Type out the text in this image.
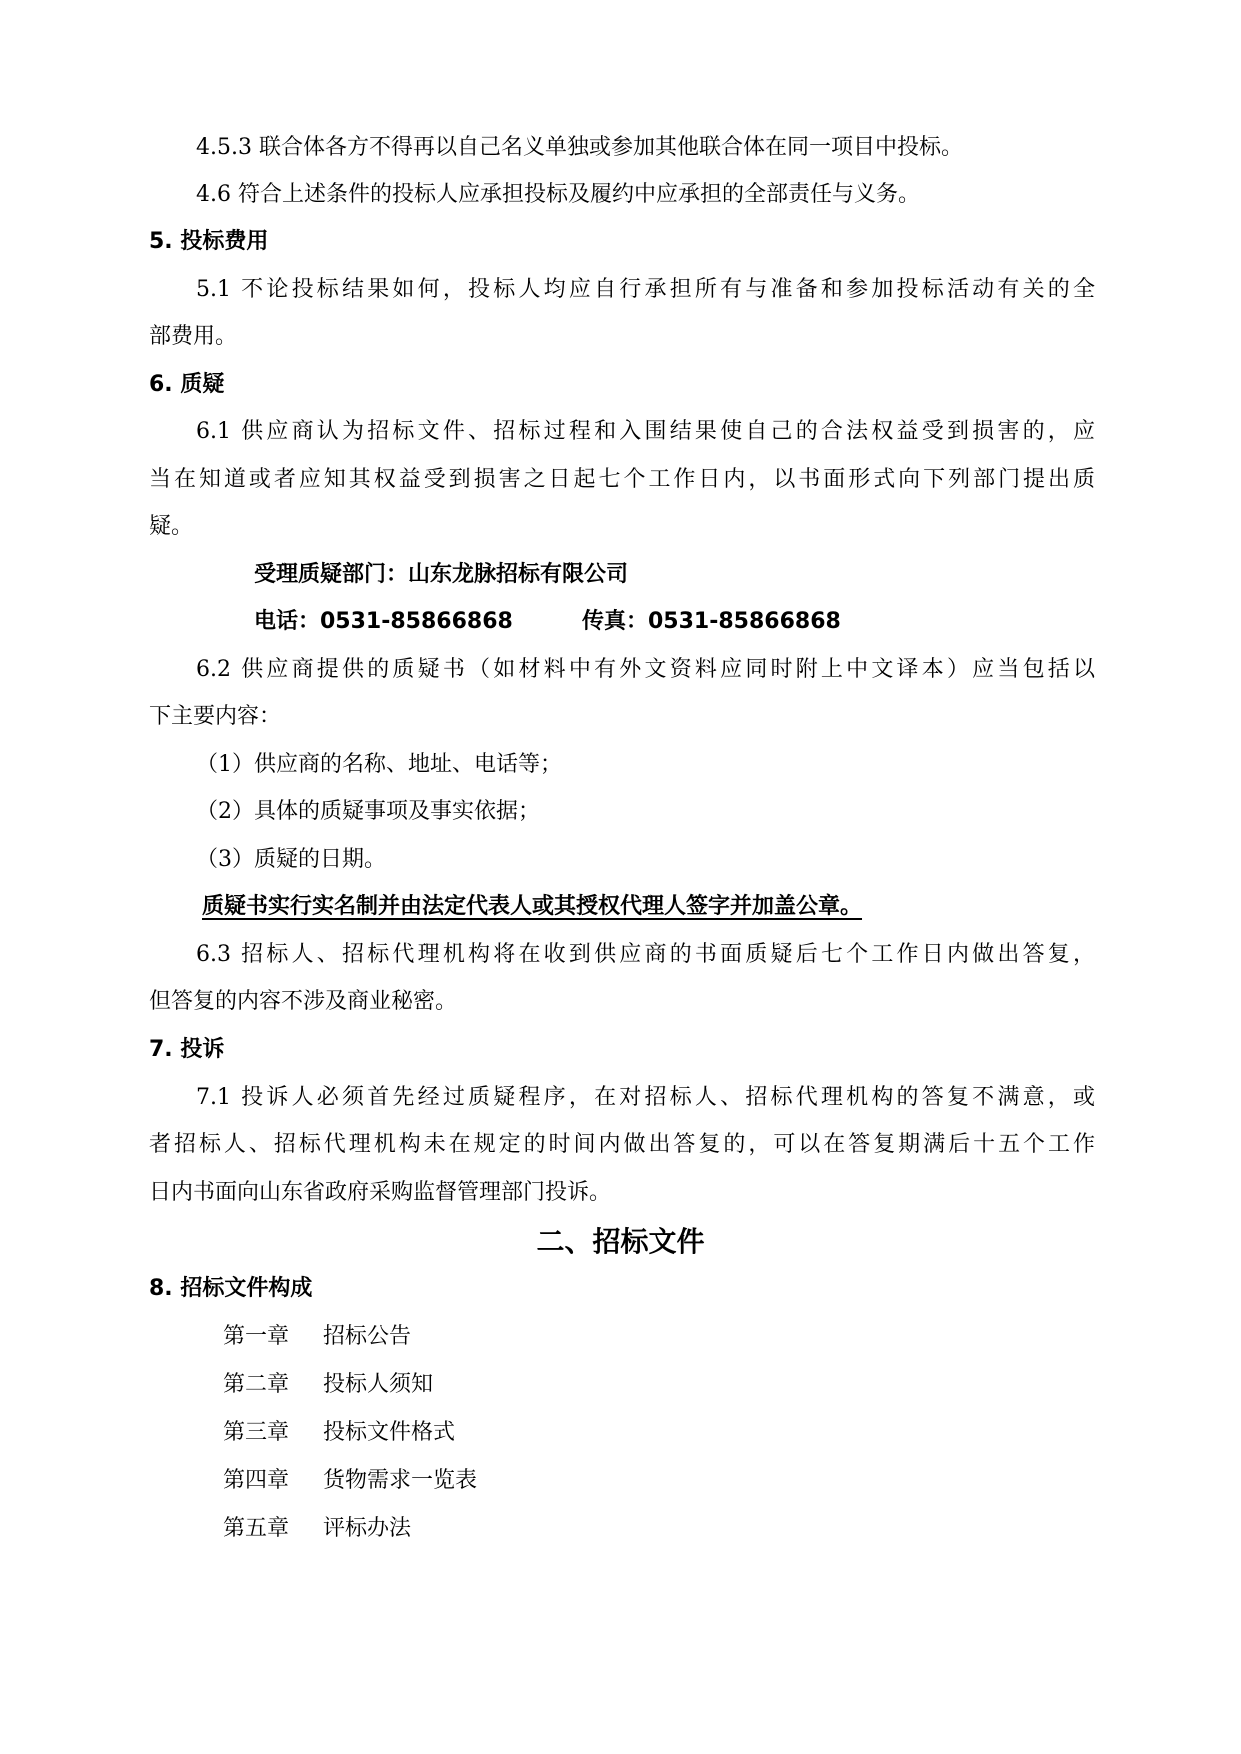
4.5.3 联合体各方不得再以自己名义单独或参加其他联合体在同一项目中投标。
4.6 符合上述条件的投标人应承担投标及履约中应承担的全部责任与义务。
5. 投标费用
5.1 不论投标结果如何，投标人均应自行承担所有与准备和参加投标活动有关的全
部费用。
6. 质疑
6.1 供应商认为招标文件、招标过程和入围结果使自己的合法权益受到损害的，应
当在知道或者应知其权益受到损害之日起七个工作日内，以书面形式向下列部门提出质
疑。
受理质疑部门：山东龙脉招标有限公司
电话：0531-85866868	传真：0531-85866868
6.2 供应商提供的质疑书（如材料中有外文资料应同时附上中文译本）应当包括以
下主要内容：
（1）供应商的名称、地址、电话等；
（2）具体的质疑事项及事实依据；
（3）质疑的日期。
质疑书实行实名制并由法定代表人或其授权代理人签字并加盖公章。
6.3 招标人、招标代理机构将在收到供应商的书面质疑后七个工作日内做出答复，
但答复的内容不涉及商业秘密。
7. 投诉
7.1 投诉人必须首先经过质疑程序，在对招标人、招标代理机构的答复不满意，或
者招标人、招标代理机构未在规定的时间内做出答复的，可以在答复期满后十五个工作
日内书面向山东省政府采购监督管理部门投诉。
二、招标文件
8. 招标文件构成
第一章 招标公告
第二章 投标人须知
第三章 投标文件格式
第四章 货物需求一览表
第五章 评标办法
